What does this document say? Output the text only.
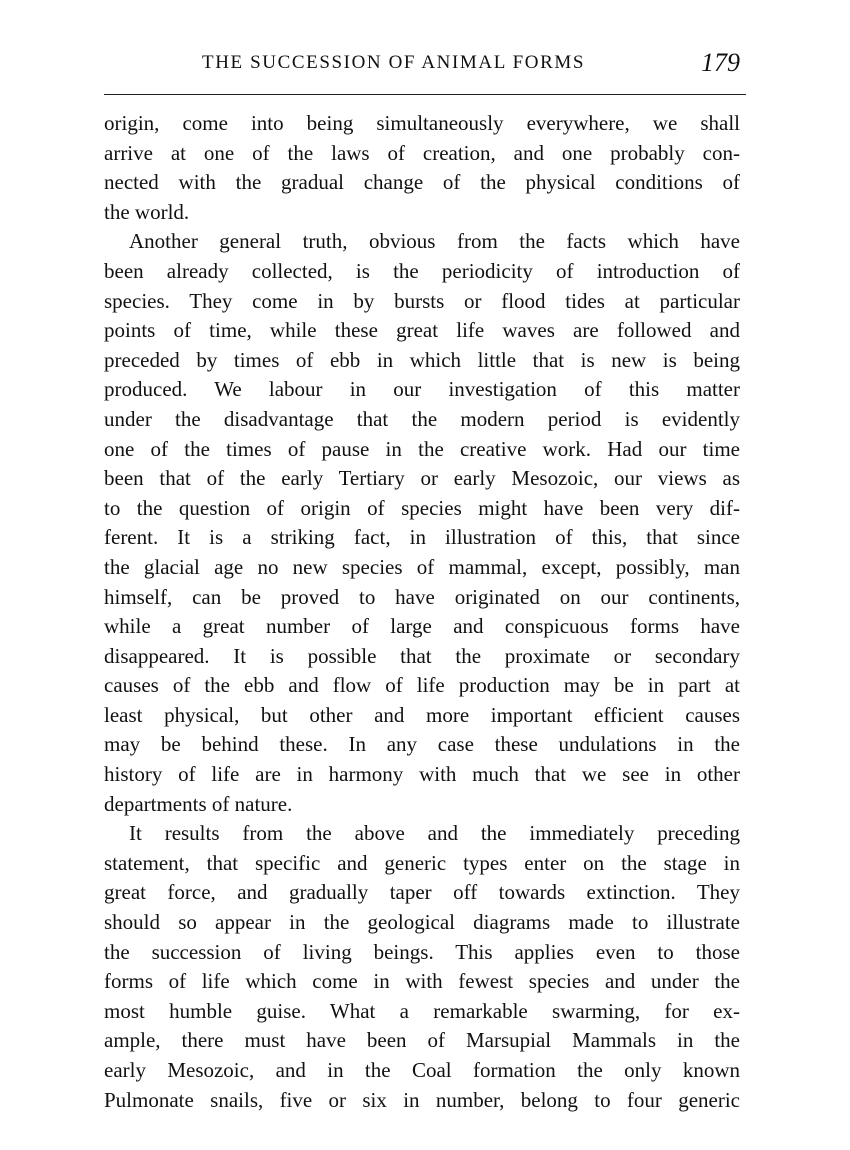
THE SUCCESSION OF ANIMAL FORMS	179
origin, come into being simultaneously everywhere, we shall
arrive at one of the laws of creation, and one probably con-
nected with the gradual change of the physical conditions of
the world.
Another general truth, obvious from the facts which have
been already collected, is the periodicity of introduction of
species. They come in by bursts or flood tides at particular
points of time, while these great life waves are followed and
preceded by times of ebb in which little that is new is being
produced. We labour in our investigation of this matter
under the disadvantage that the modern period is evidently
one of the times of pause in the creative work. Had our time
been that of the early Tertiary or early Mesozoic, our views as
to the question of origin of species might have been very dif-
ferent. It is a striking fact, in illustration of this, that since
the glacial age no new species of mammal, except, possibly, man
himself, can be proved to have originated on our continents,
while a great number of large and conspicuous forms have
disappeared. It is possible that the proximate or secondary
causes of the ebb and flow of life production may be in part at
least physical, but other and more important efficient causes
may be behind these. In any case these undulations in the
history of life are in harmony with much that we see in other
departments of nature.
It results from the above and the immediately preceding
statement, that specific and generic types enter on the stage in
great force, and gradually taper off towards extinction. They
should so appear in the geological diagrams made to illustrate
the succession of living beings. This applies even to those
forms of life which come in with fewest species and under the
most humble guise. What a remarkable swarming, for ex-
ample, there must have been of Marsupial Mammals in the
early Mesozoic, and in the Coal formation the only known
Pulmonate snails, five or six in number, belong to four generic
